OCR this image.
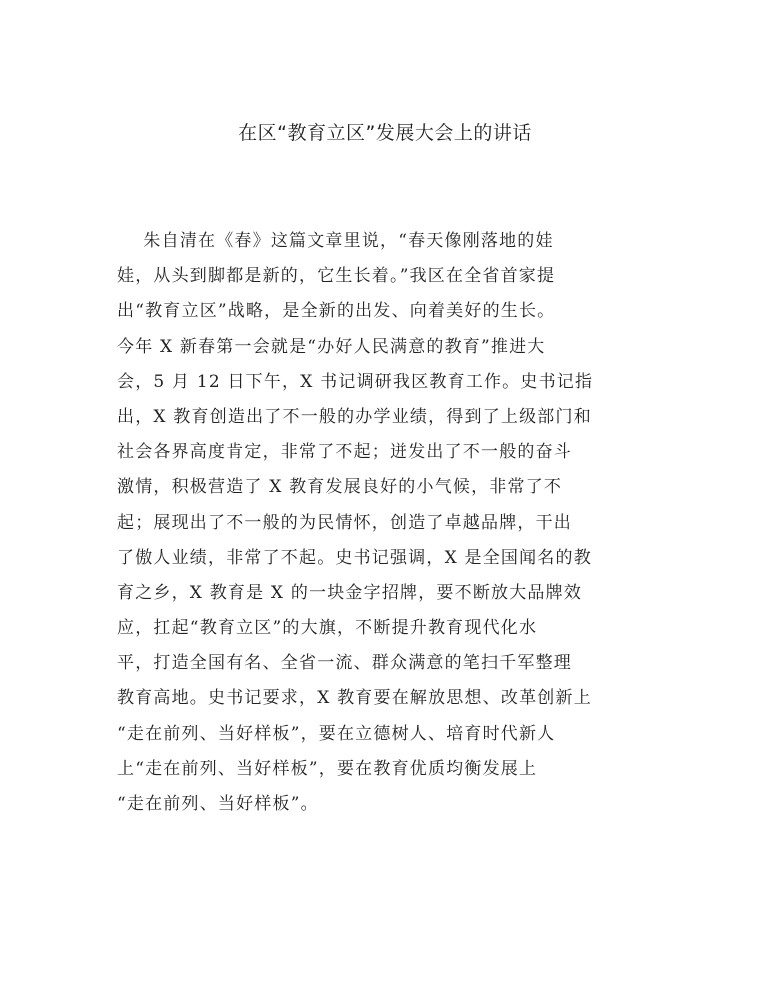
在区“教育立区”发展大会上的讲话
朱自清在《春》这篇文章里说，“春天像刚落地的娃
娃，从头到脚都是新的，它生长着。”我区在全省首家提
出“教育立区”战略，是全新的出发、向着美好的生长。
今年 X 新春第一会就是“办好人民满意的教育”推进大
会，5 月 12 日下午，X 书记调研我区教育工作。史书记指
出，X 教育创造出了不一般的办学业绩，得到了上级部门和
社会各界高度肯定，非常了不起；迸发出了不一般的奋斗
激情，积极营造了 X 教育发展良好的小气候，非常了不
起；展现出了不一般的为民情怀，创造了卓越品牌，干出
了傲人业绩，非常了不起。史书记强调，X 是全国闻名的教
育之乡，X 教育是 X 的一块金字招牌，要不断放大品牌效
应，扛起“教育立区”的大旗，不断提升教育现代化水
平，打造全国有名、全省一流、群众满意的笔扫千军整理
教育高地。史书记要求，X 教育要在解放思想、改革创新上
“走在前列、当好样板”，要在立德树人、培育时代新人
上“走在前列、当好样板”，要在教育优质均衡发展上
“走在前列、当好样板”。
